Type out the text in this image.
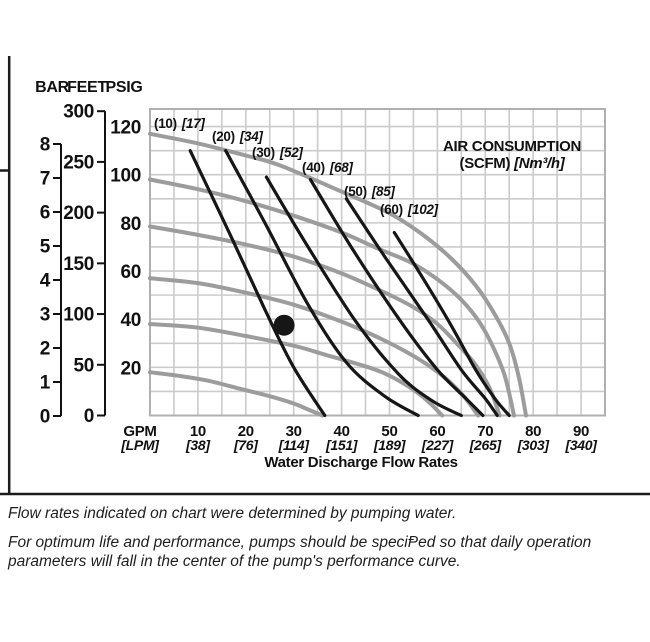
(10) [17]
(20) [34]
(30) [52]
(40) [68]
(50) [85]
(60) [102]
AIR CONSUMPTION
(SCFM) [Nm³/h]
BAR
FEET
PSIG
0
1
2
3
4
5
6
7
8
0
50
100
150
200
250
300
20
40
60
80
100
120
GPM
[LPM]
10
[38]
20
[76]
30
[114]
40
[151]
50
[189]
60
[227]
70
[265]
80
[303]
90
[340]
Water Discharge Flow Rates

Flow rates indicated on chart were determined by pumping water.

For optimum life and performance, pumps should be speciⱣed so that daily operation
parameters will fall in the center of the pump's performance curve.
